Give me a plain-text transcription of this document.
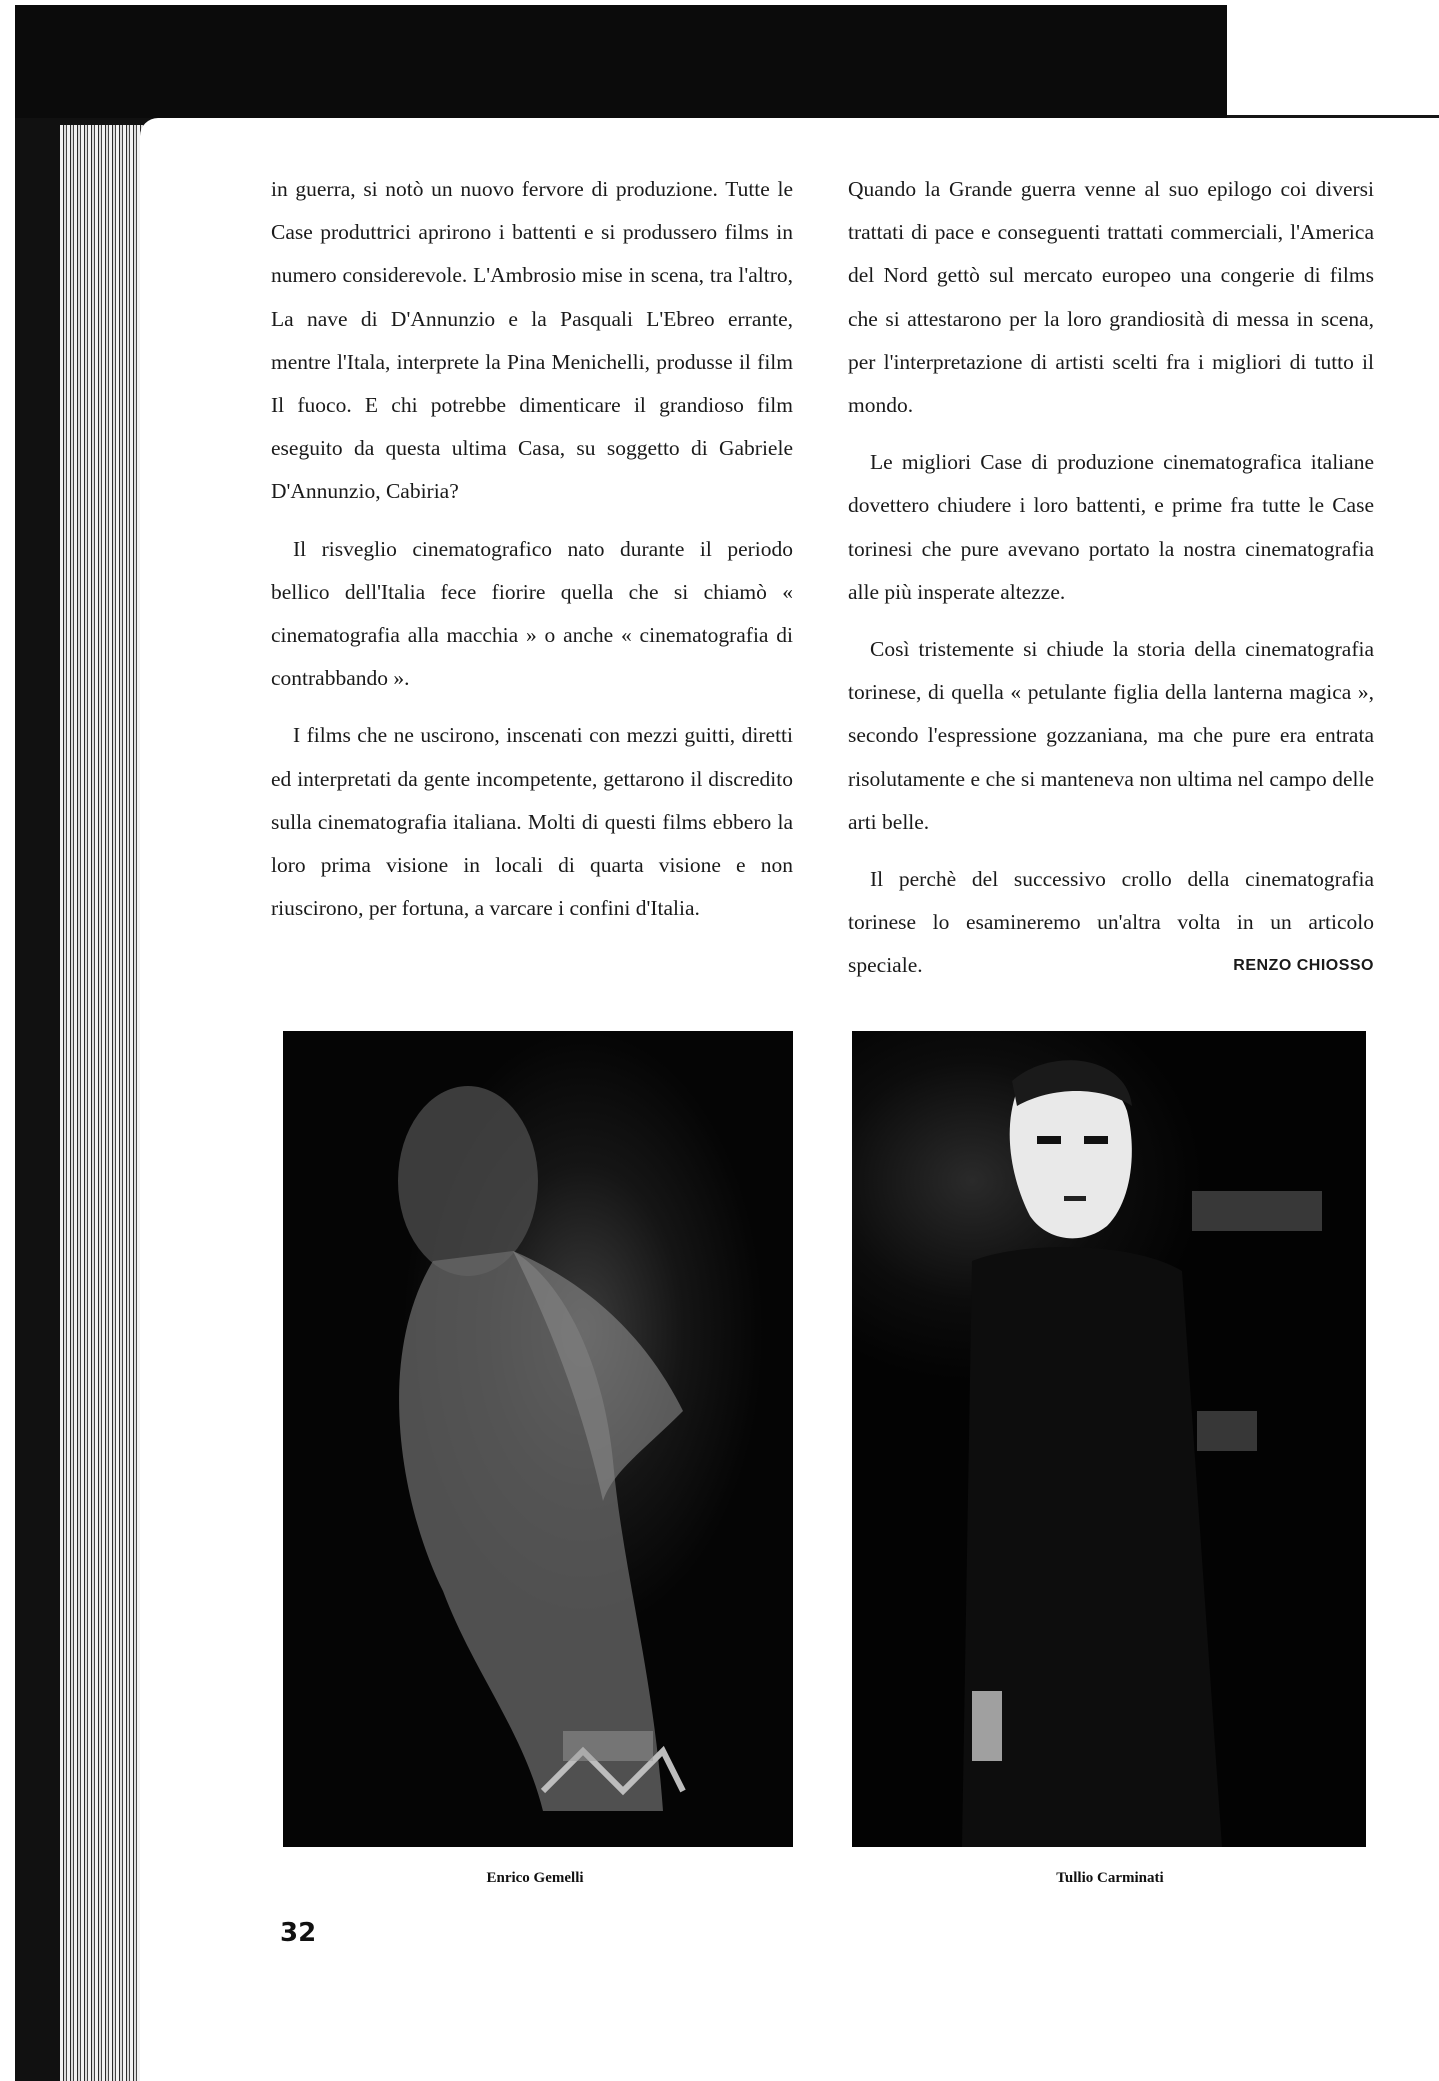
in guerra, si notò un nuovo fervore di produzione. Tutte le Case produttrici aprirono i battenti e si produssero films in numero considerevole. L'Ambrosio mise in scena, tra l'altro, La nave di D'Annunzio e la Pasquali L'Ebreo errante, mentre l'Itala, interprete la Pina Menichelli, produsse il film Il fuoco. E chi potrebbe dimenticare il grandioso film eseguito da questa ultima Casa, su soggetto di Gabriele D'Annunzio, Cabiria?

Il risveglio cinematografico nato durante il periodo bellico dell'Italia fece fiorire quella che si chiamò « cinematografia alla macchia » o anche « cinematografia di contrabbando ».

I films che ne uscirono, inscenati con mezzi guitti, diretti ed interpretati da gente incompetente, gettarono il discredito sulla cinematografia italiana. Molti di questi films ebbero la loro prima visione in locali di quarta visione e non riuscirono, per fortuna, a varcare i confini d'Italia.

Quando la Grande guerra venne al suo epilogo coi diversi trattati di pace e conseguenti trattati commerciali, l'America del Nord gettò sul mercato europeo una congerie di films che si attestarono per la loro grandiosità di messa in scena, per l'interpretazione di artisti scelti fra i migliori di tutto il mondo.

Le migliori Case di produzione cinematografica italiane dovettero chiudere i loro battenti, e prime fra tutte le Case torinesi che pure avevano portato la nostra cinematografia alle più insperate altezze.

Così tristemente si chiude la storia della cinematografia torinese, di quella « petulante figlia della lanterna magica », secondo l'espressione gozzaniana, ma che pure era entrata risolutamente e che si manteneva non ultima nel campo delle arti belle.

Il perchè del successivo crollo della cinematografia torinese lo esamineremo un'altra volta in un articolo speciale.	RENZO CHIOSSO

Enrico Gemelli	Tullio Carminati
32
